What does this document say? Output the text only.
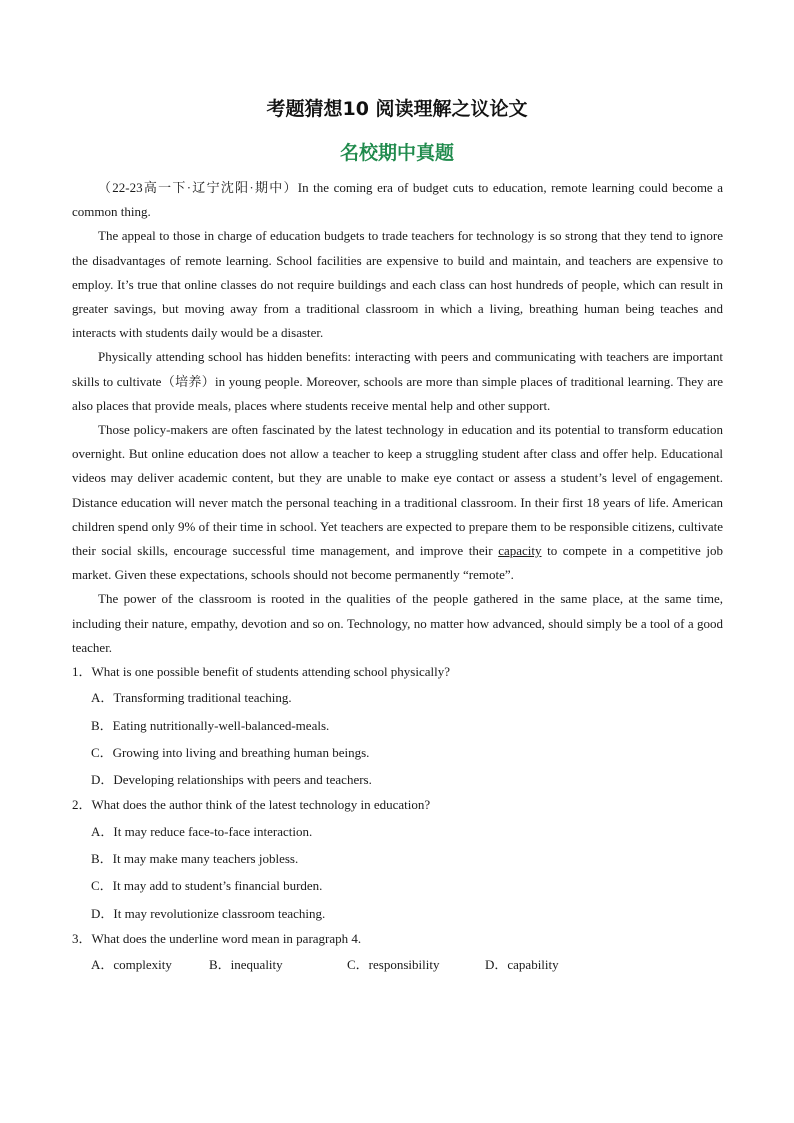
考题猜想10 阅读理解之议论文
名校期中真题

（22-23高一下·辽宁沈阳·期中）In the coming era of budget cuts to education, remote learning could become a common thing.

The appeal to those in charge of education budgets to trade teachers for technology is so strong that they tend to ignore the disadvantages of remote learning. School facilities are expensive to build and maintain, and teachers are expensive to employ. It’s true that online classes do not require buildings and each class can host hundreds of people, which can result in greater savings, but moving away from a traditional classroom in which a living, breathing human being teaches and interacts with students daily would be a disaster.

Physically attending school has hidden benefits: interacting with peers and communicating with teachers are important skills to cultivate（培养）in young people. Moreover, schools are more than simple places of traditional learning. They are also places that provide meals, places where students receive mental help and other support.

Those policy-makers are often fascinated by the latest technology in education and its potential to transform education overnight. But online education does not allow a teacher to keep a struggling student after class and offer help. Educational videos may deliver academic content, but they are unable to make eye contact or assess a student’s level of engagement. Distance education will never match the personal teaching in a traditional classroom. In their first 18 years of life. American children spend only 9% of their time in school. Yet teachers are expected to prepare them to be responsible citizens, cultivate their social skills, encourage successful time management, and improve their capacity to compete in a competitive job market. Given these expectations, schools should not become permanently “remote”.

The power of the classroom is rooted in the qualities of the people gathered in the same place, at the same time, including their nature, empathy, devotion and so on. Technology, no matter how advanced, should simply be a tool of a good teacher.

1．What is one possible benefit of students attending school physically?
A．Transforming traditional teaching.
B．Eating nutritionally-well-balanced-meals.
C．Growing into living and breathing human beings.
D．Developing relationships with peers and teachers.
2．What does the author think of the latest technology in education?
A．It may reduce face-to-face interaction.
B．It may make many teachers jobless.
C．It may add to student’s financial burden.
D．It may revolutionize classroom teaching.
3．What does the underline word mean in paragraph 4.
A．complexity	B．inequality	C．responsibility	D．capability
